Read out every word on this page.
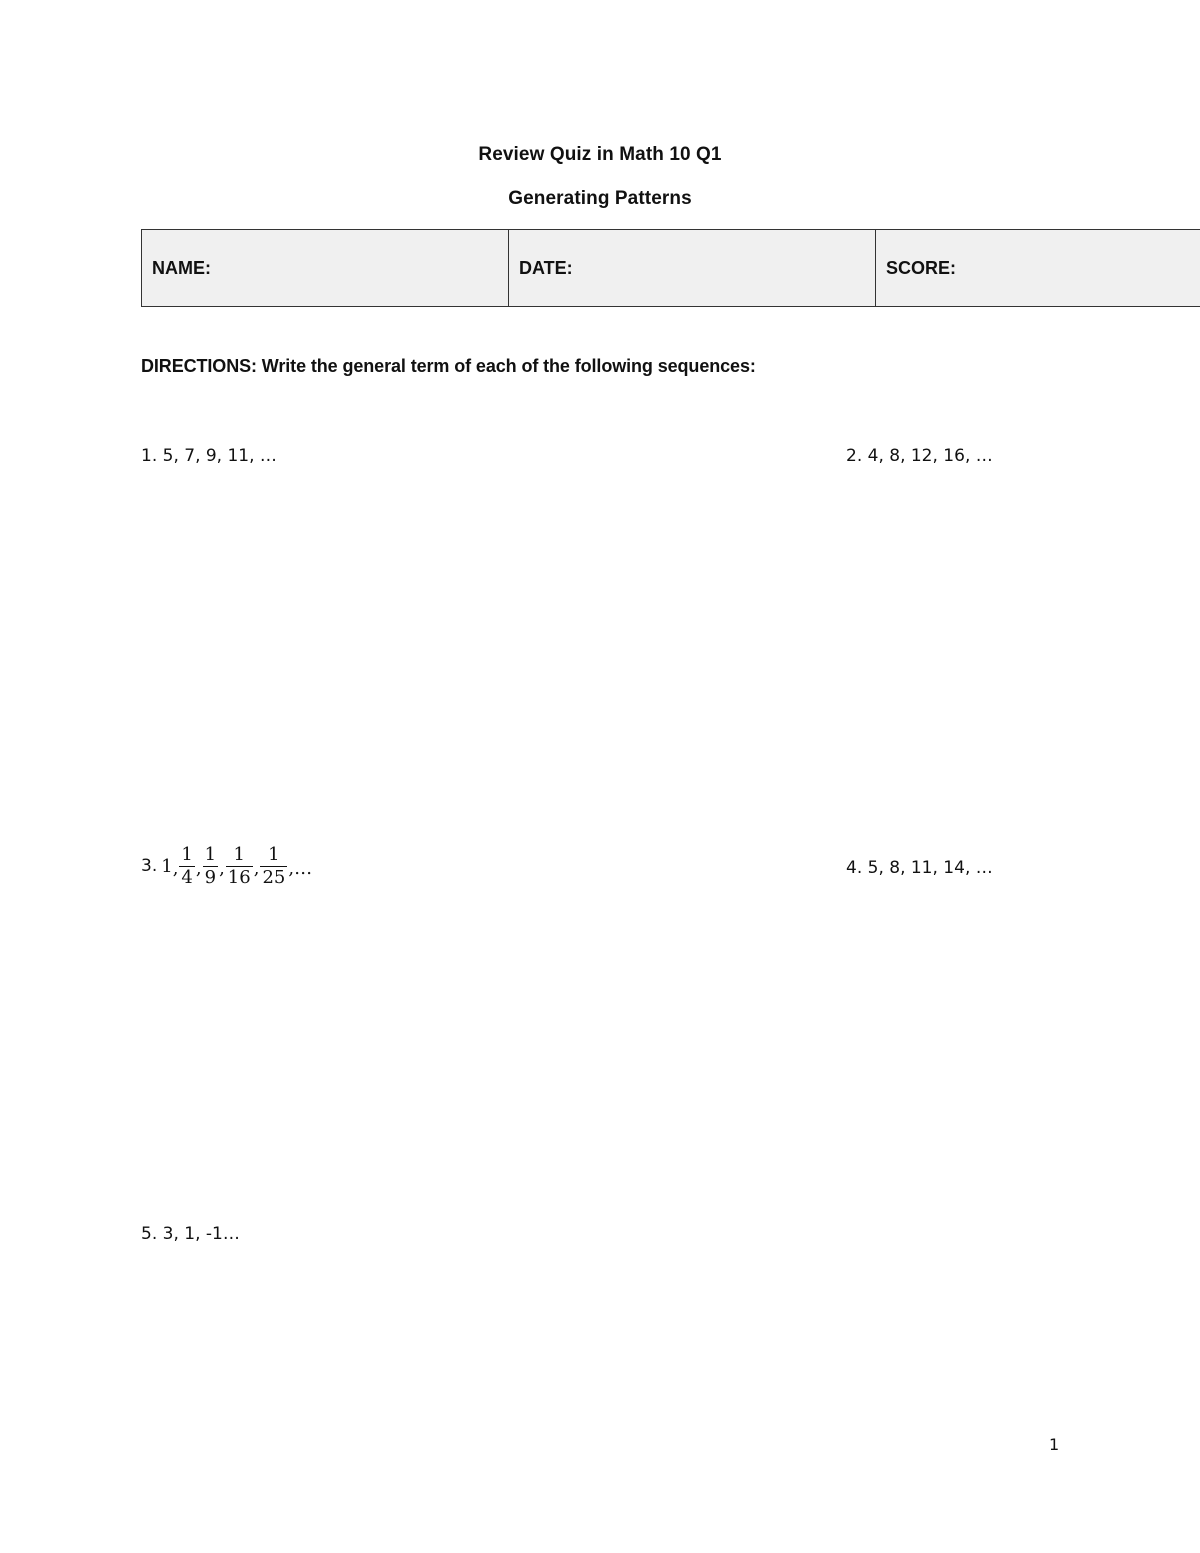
Review Quiz in Math 10 Q1
Generating Patterns
NAME:	DATE:	SCORE:
DIRECTIONS: Write the general term of each of the following sequences:
1. 5, 7, 9, 11, …	2. 4, 8, 12, 16, …
3. 1 , $\frac{1}{4}$ , $\frac{1}{9}$ , $\frac{1}{16}$ , $\frac{1}{25}$ , …	4. 5, 8, 11, 14, …
5. 3, 1, -1…
1
